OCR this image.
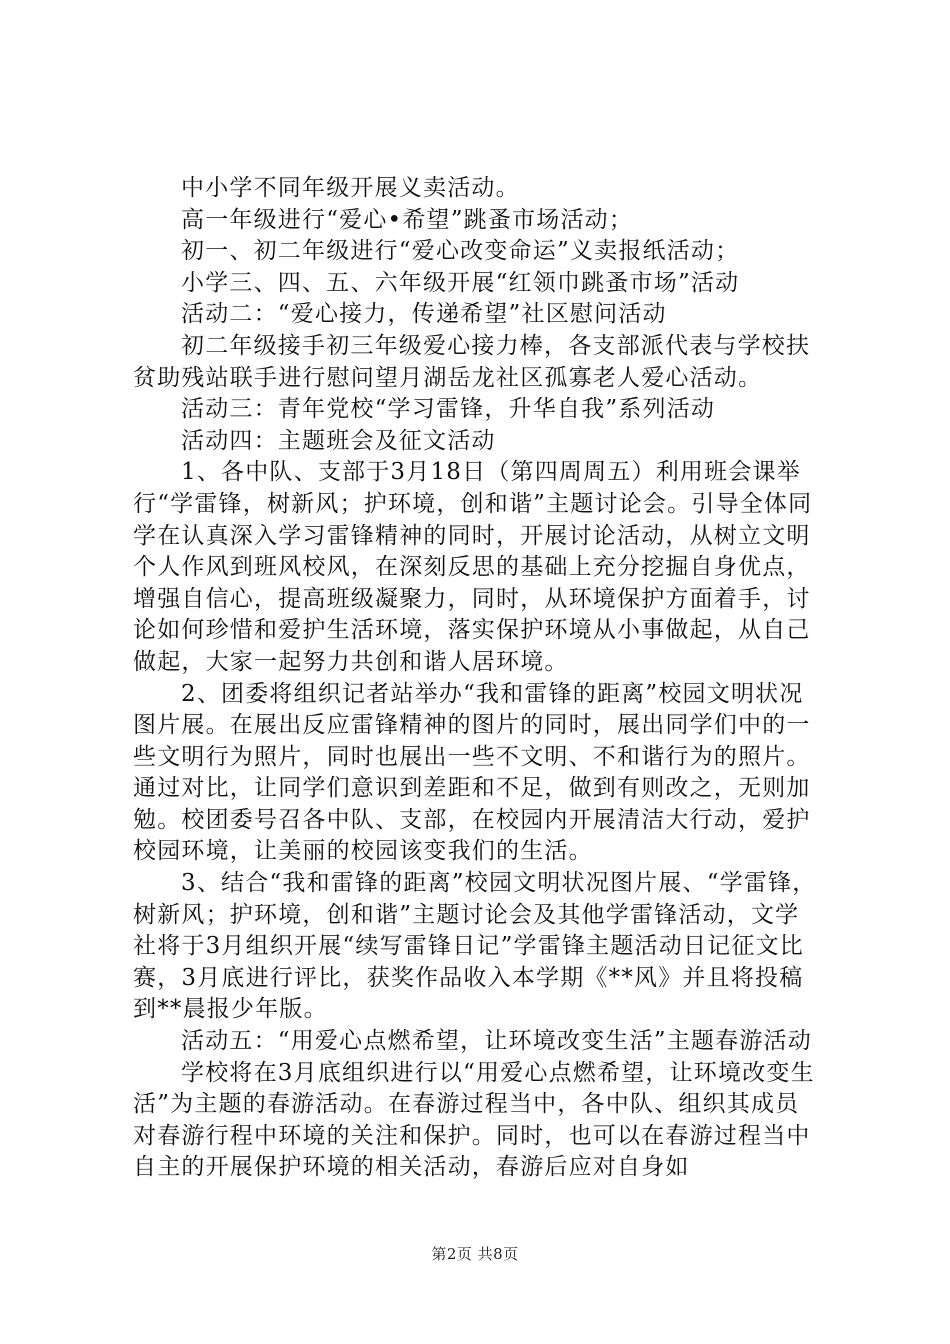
中小学不同年级开展义卖活动。

高一年级进行“爱心•希望”跳蚤市场活动；

初一、初二年级进行“爱心改变命运”义卖报纸活动；

小学三、四、五、六年级开展“红领巾跳蚤市场”活动

活动二：“爱心接力，传递希望”社区慰问活动

初二年级接手初三年级爱心接力棒，各支部派代表与学校扶贫助残站联手进行慰问望月湖岳龙社区孤寡老人爱心活动。

活动三：青年党校“学习雷锋，升华自我”系列活动

活动四：主题班会及征文活动

1、各中队、支部于3月18日（第四周周五）利用班会课举行“学雷锋，树新风；护环境，创和谐”主题讨论会。引导全体同学在认真深入学习雷锋精神的同时，开展讨论活动，从树立文明个人作风到班风校风，在深刻反思的基础上充分挖掘自身优点，增强自信心，提高班级凝聚力，同时，从环境保护方面着手，讨论如何珍惜和爱护生活环境，落实保护环境从小事做起，从自己做起，大家一起努力共创和谐人居环境。

2、团委将组织记者站举办“我和雷锋的距离”校园文明状况图片展。在展出反应雷锋精神的图片的同时，展出同学们中的一些文明行为照片，同时也展出一些不文明、不和谐行为的照片。通过对比，让同学们意识到差距和不足，做到有则改之，无则加勉。校团委号召各中队、支部，在校园内开展清洁大行动，爱护校园环境，让美丽的校园该变我们的生活。

3、结合“我和雷锋的距离”校园文明状况图片展、“学雷锋，树新风；护环境，创和谐”主题讨论会及其他学雷锋活动，文学社将于3月组织开展“续写雷锋日记”学雷锋主题活动日记征文比赛，3月底进行评比，获奖作品收入本学期《**风》并且将投稿到**晨报少年版。

活动五：“用爱心点燃希望，让环境改变生活”主题春游活动

学校将在3月底组织进行以“用爱心点燃希望，让环境改变生活”为主题的春游活动。在春游过程当中，各中队、组织其成员对春游行程中环境的关注和保护。同时，也可以在春游过程当中自主的开展保护环境的相关活动，春游后应对自身如

第2页 共8页
